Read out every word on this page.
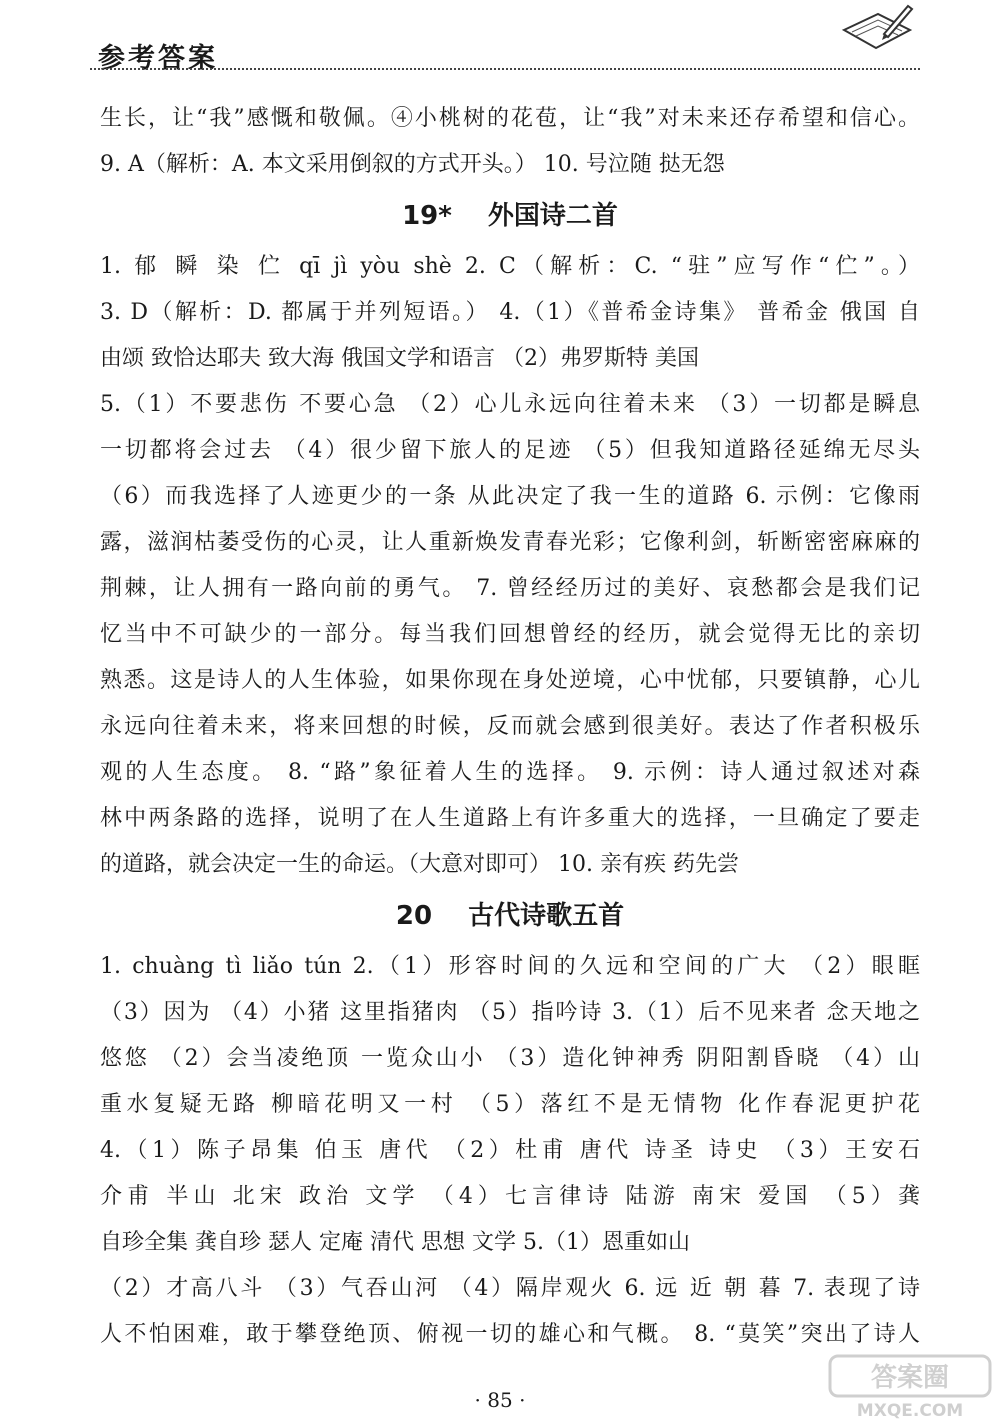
参考答案
生长，让“我”感慨和敬佩。④小桃树的花苞，让“我”对未来还存希望和信心。
9. A（解析：A. 本文采用倒叙的方式开头。） 10. 号泣随 挞无怨
19* 外国诗二首
1. 郁 瞬 染 伫 qī jì yòu shè 2. C（解析：C. “驻”应写作“伫”。）
3. D（解析：D. 都属于并列短语。） 4.（1）《普希金诗集》 普希金 俄国 自
由颂 致恰达耶夫 致大海 俄国文学和语言 （2）弗罗斯特 美国
5.（1）不要悲伤 不要心急 （2）心儿永远向往着未来 （3）一切都是瞬息
一切都将会过去 （4）很少留下旅人的足迹 （5）但我知道路径延绵无尽头
（6）而我选择了人迹更少的一条 从此决定了我一生的道路 6. 示例：它像雨
露，滋润枯萎受伤的心灵，让人重新焕发青春光彩；它像利剑，斩断密密麻麻的
荆棘，让人拥有一路向前的勇气。 7. 曾经经历过的美好、哀愁都会是我们记
忆当中不可缺少的一部分。每当我们回想曾经的经历，就会觉得无比的亲切
熟悉。这是诗人的人生体验，如果你现在身处逆境，心中忧郁，只要镇静，心儿
永远向往着未来，将来回想的时候，反而就会感到很美好。表达了作者积极乐
观的人生态度。 8. “路”象征着人生的选择。 9. 示例：诗人通过叙述对森
林中两条路的选择，说明了在人生道路上有许多重大的选择，一旦确定了要走
的道路，就会决定一生的命运。（大意对即可） 10. 亲有疾 药先尝
20 古代诗歌五首
1. chuàng tì liǎo tún 2.（1）形容时间的久远和空间的广大 （2）眼眶
（3）因为 （4）小猪 这里指猪肉 （5）指吟诗 3.（1）后不见来者 念天地之
悠悠 （2）会当凌绝顶 一览众山小 （3）造化钟神秀 阴阳割昏晓 （4）山
重水复疑无路 柳暗花明又一村 （5）落红不是无情物 化作春泥更护花
4.（1）陈子昂集 伯玉 唐代 （2）杜甫 唐代 诗圣 诗史 （3）王安石
介甫 半山 北宋 政治 文学 （4）七言律诗 陆游 南宋 爱国 （5）龚
自珍全集 龚自珍 瑟人 定庵 清代 思想 文学 5.（1）恩重如山
（2）才高八斗 （3）气吞山河 （4）隔岸观火 6. 远 近 朝 暮 7. 表现了诗
人不怕困难，敢于攀登绝顶、俯视一切的雄心和气概。 8. “莫笑”突出了诗人
· 85 ·
答案圈
MXQE.COM
